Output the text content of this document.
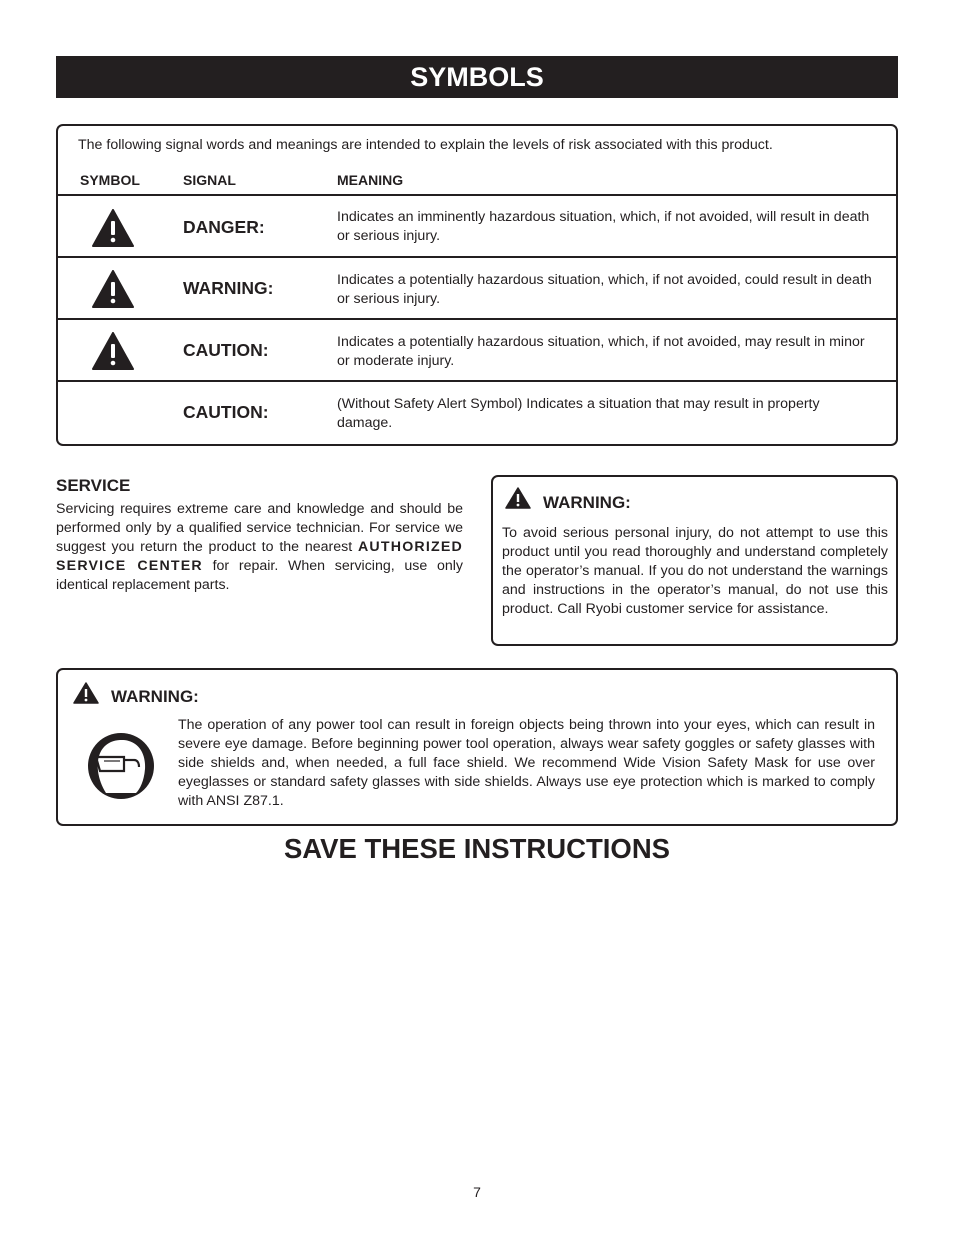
SYMBOLS
The following signal words and meanings are intended to explain the levels of risk associated with this product.
SYMBOL	SIGNAL	MEANING
DANGER:	Indicates an imminently hazardous situation, which, if not avoided, will result in death or serious injury.
WARNING:	Indicates a potentially hazardous situation, which, if not avoided, could result in death or serious injury.
CAUTION:	Indicates a potentially hazardous situation, which, if not avoided, may result in minor or moderate injury.
CAUTION:	(Without Safety Alert Symbol) Indicates a situation that may result in property damage.
SERVICE
Servicing requires extreme care and knowledge and should be performed only by a qualified service technician. For service we suggest you return the product to the nearest AUTHORIZED SERVICE CENTER for repair. When servicing, use only identical replacement parts.
WARNING:
To avoid serious personal injury, do not attempt to use this product until you read thoroughly and understand completely the operator’s manual. If you do not understand the warnings and instructions in the operator’s manual, do not use this product. Call Ryobi customer service for assistance.
WARNING:
The operation of any power tool can result in foreign objects being thrown into your eyes, which can result in severe eye damage. Before beginning power tool operation, always wear safety goggles or safety glasses with side shields and, when needed, a full face shield. We recommend Wide Vision Safety Mask for use over eyeglasses or standard safety glasses with side shields. Always use eye protection which is marked to comply with ANSI Z87.1.
SAVE THESE INSTRUCTIONS
7
